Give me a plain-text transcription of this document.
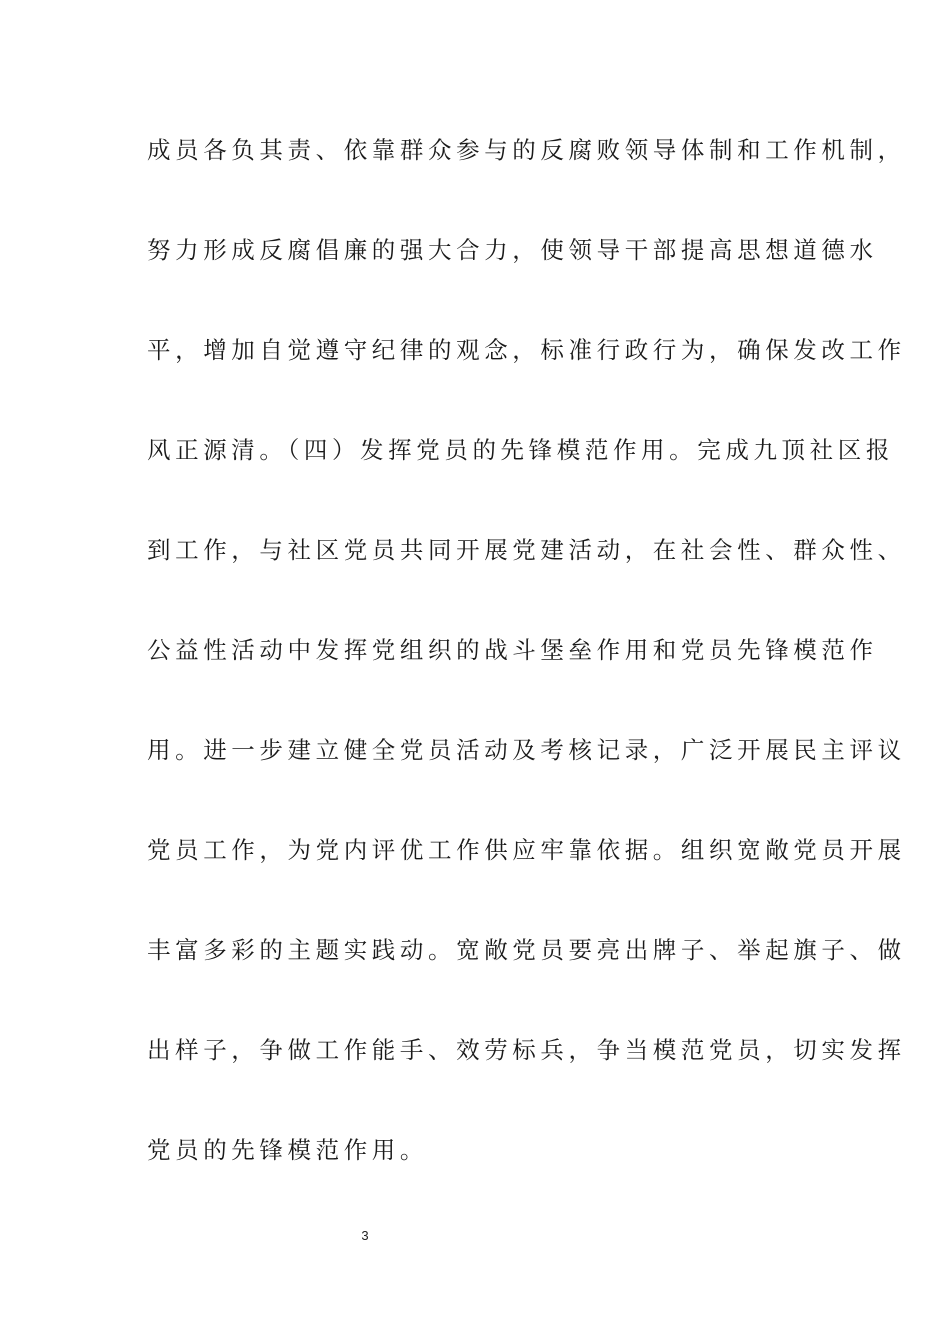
成员各负其责、依靠群众参与的反腐败领导体制和工作机制，
努力形成反腐倡廉的强大合力，使领导干部提高思想道德水
平，增加自觉遵守纪律的观念，标准行政行为，确保发改工作
风正源清。（四）发挥党员的先锋模范作用。完成九顶社区报
到工作，与社区党员共同开展党建活动，在社会性、群众性、
公益性活动中发挥党组织的战斗堡垒作用和党员先锋模范作
用。进一步建立健全党员活动及考核记录，广泛开展民主评议
党员工作，为党内评优工作供应牢靠依据。组织宽敞党员开展
丰富多彩的主题实践动。宽敞党员要亮出牌子、举起旗子、做
出样子，争做工作能手、效劳标兵，争当模范党员，切实发挥
党员的先锋模范作用。
3
